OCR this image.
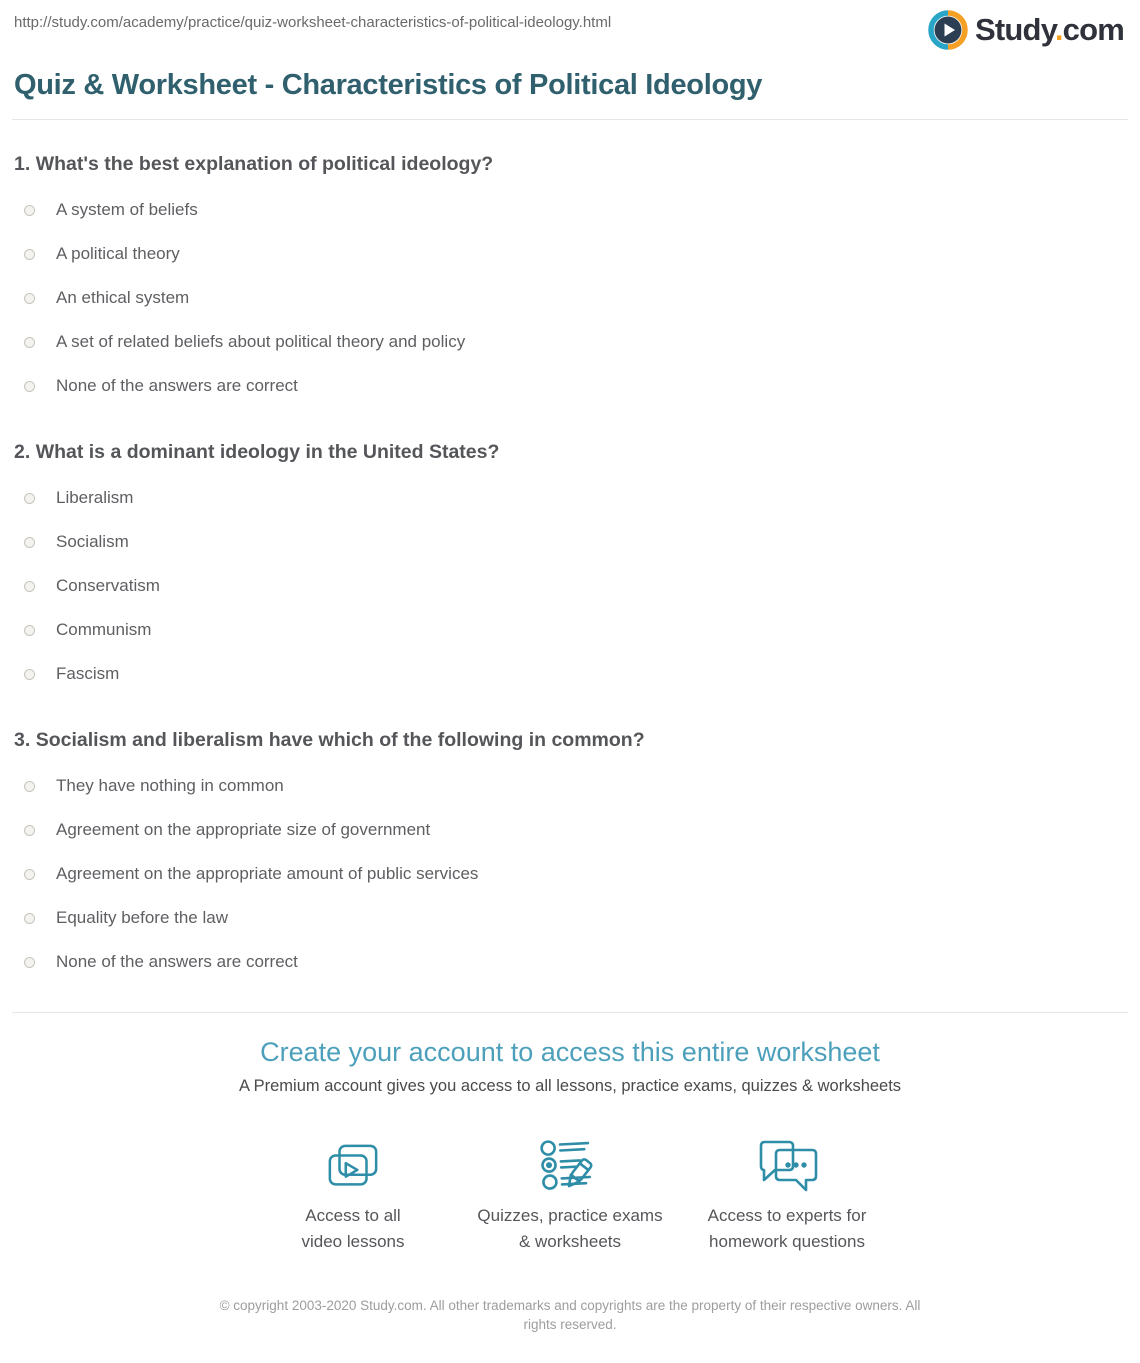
http://study.com/academy/practice/quiz-worksheet-characteristics-of-political-ideology.html	Study.com
Quiz & Worksheet - Characteristics of Political Ideology
1. What's the best explanation of political ideology?
A system of beliefs
A political theory
An ethical system
A set of related beliefs about political theory and policy
None of the answers are correct
2. What is a dominant ideology in the United States?
Liberalism
Socialism
Conservatism
Communism
Fascism
3. Socialism and liberalism have which of the following in common?
They have nothing in common
Agreement on the appropriate size of government
Agreement on the appropriate amount of public services
Equality before the law
None of the answers are correct
Create your account to access this entire worksheet

A Premium account gives you access to all lessons, practice exams, quizzes & worksheets

Access to all
video lessons
Quizzes, practice exams
& worksheets
Access to experts for
homework questions
© copyright 2003-2020 Study.com. All other trademarks and copyrights are the property of their respective owners. All rights reserved.
